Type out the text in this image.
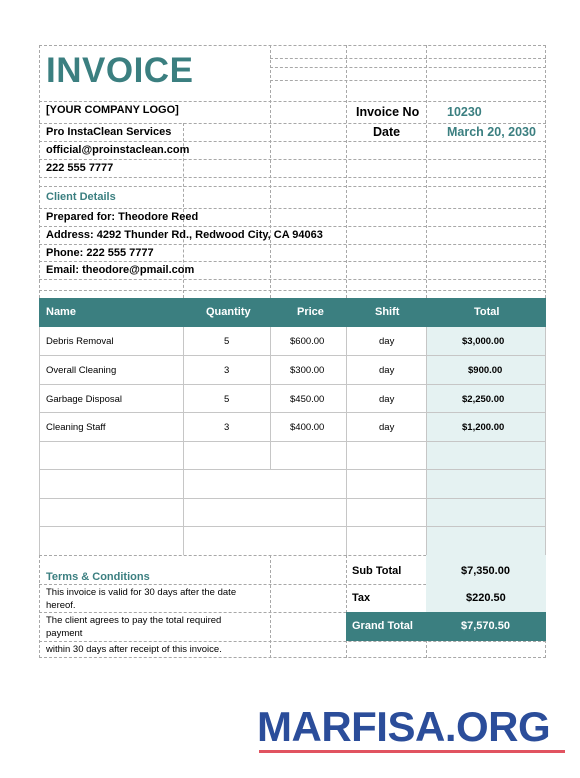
INVOICE
[YOUR COMPANY LOGO]
Pro InstaClean Services
official@proinstaclean.com
222 555 7777
Invoice No 10230
Date	March 20, 2030
Client Details
Prepared for: Theodore Reed
Address: 4292 Thunder Rd., Redwood City, CA 94063
Phone: 222 555 7777
Email: theodore@pmail.com
Name	Quantity	Price	Shift	Total
Debris Removal	5	$600.00	day	$3,000.00
Overall Cleaning	3	$300.00	day	$900.00
Garbage Disposal	5	$450.00	day	$2,250.00
Cleaning Staff	3	$400.00	day	$1,200.00
Terms & Conditions
This invoice is valid for 30 days after the date
hereof.
The client agrees to pay the total required
payment
within 30 days after receipt of this invoice.
Sub Total	$7,350.00
Tax	$220.50
Grand Total	$7,570.50
MARFISA.ORG
